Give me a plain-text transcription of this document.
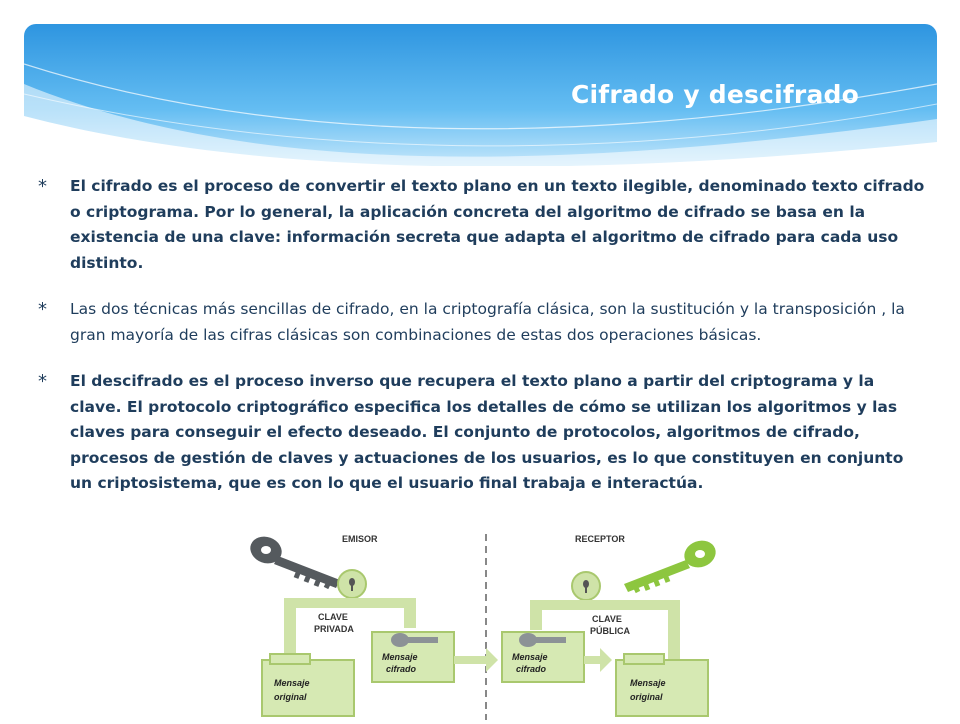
Cifrado y descifrado
* El cifrado es el proceso de convertir el texto plano en un texto ilegible, denominado texto cifrado o criptograma. Por lo general, la aplicación concreta del algoritmo de cifrado se basa en la existencia de una clave: información secreta que adapta el algoritmo de cifrado para cada uso distinto.
* Las dos técnicas más sencillas de cifrado, en la criptografía clásica, son la sustitución y la transposición , la gran mayoría de las cifras clásicas son combinaciones de estas dos operaciones básicas.
* El descifrado es el proceso inverso que recupera el texto plano a partir del criptograma y la clave. El protocolo criptográfico especifica los detalles de cómo se utilizan los algoritmos y las claves para conseguir el efecto deseado. El conjunto de protocolos, algoritmos de cifrado, procesos de gestión de claves y actuaciones de los usuarios, es lo que constituyen en conjunto un criptosistema, que es con lo que el usuario final trabaja e interactúa.
EMISOR	RECEPTOR
CLAVE
PRIVADA
Mensaje
cifrado
Mensaje
original
CLAVE
PÚBLICA
Mensaje
cifrado
Mensaje
original
